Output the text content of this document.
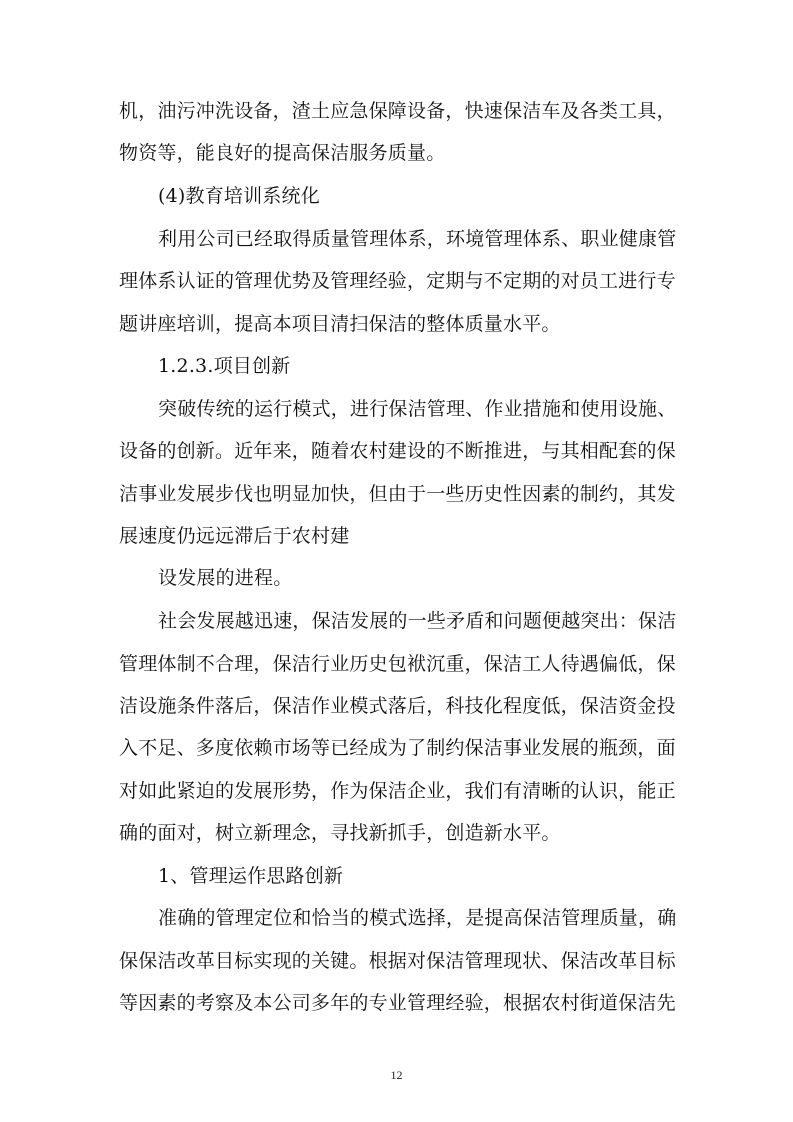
机，油污冲洗设备，渣土应急保障设备，快速保洁车及各类工具，
物资等，能良好的提高保洁服务质量。
(4)教育培训系统化
利用公司已经取得质量管理体系，环境管理体系、职业健康管
理体系认证的管理优势及管理经验，定期与不定期的对员工进行专
题讲座培训，提高本项目清扫保洁的整体质量水平。
1.2.3.项目创新
突破传统的运行模式，进行保洁管理、作业措施和使用设施、
设备的创新。近年来，随着农村建设的不断推进，与其相配套的保
洁事业发展步伐也明显加快，但由于一些历史性因素的制约，其发
展速度仍远远滞后于农村建
设发展的进程。
社会发展越迅速，保洁发展的一些矛盾和问题便越突出：保洁
管理体制不合理，保洁行业历史包袱沉重，保洁工人待遇偏低，保
洁设施条件落后，保洁作业模式落后，科技化程度低，保洁资金投
入不足、多度依赖市场等已经成为了制约保洁事业发展的瓶颈，面
对如此紧迫的发展形势，作为保洁企业，我们有清晰的认识，能正
确的面对，树立新理念，寻找新抓手，创造新水平。
1、管理运作思路创新
准确的管理定位和恰当的模式选择，是提高保洁管理质量，确
保保洁改革目标实现的关键。根据对保洁管理现状、保洁改革目标
等因素的考察及本公司多年的专业管理经验，根据农村街道保洁先
12
